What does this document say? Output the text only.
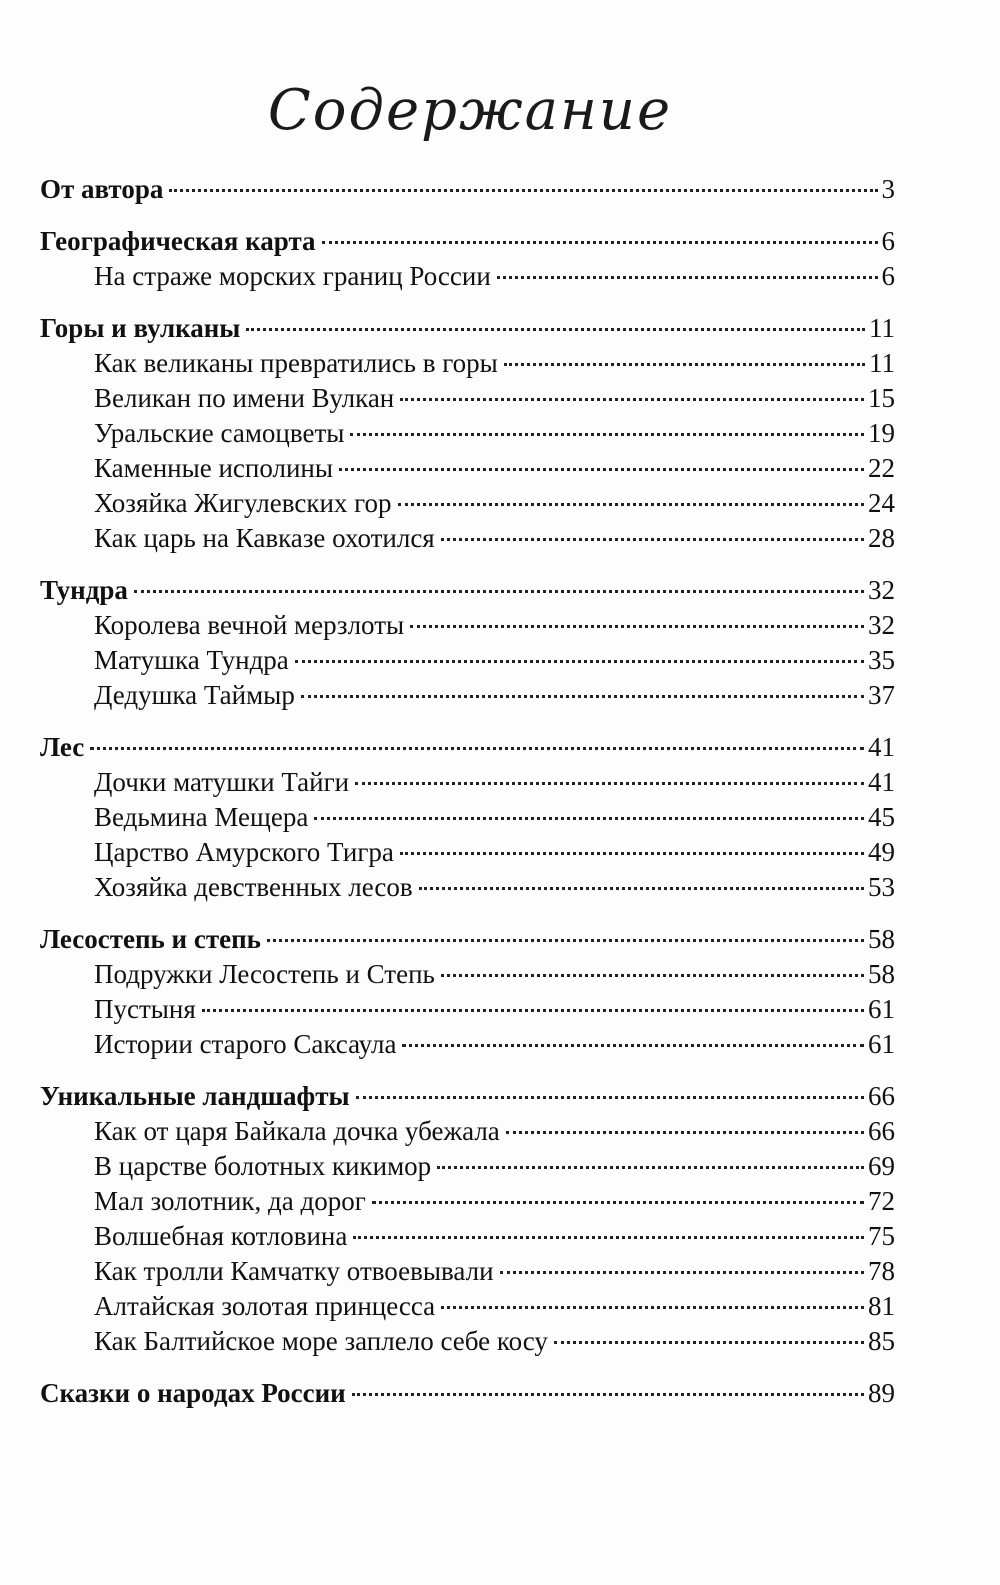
Содержание
От автора	3
Географическая карта	6
На страже морских границ России	6
Горы и вулканы	11
Как великаны превратились в горы	11
Великан по имени Вулкан	15
Уральские самоцветы	19
Каменные исполины	22
Хозяйка Жигулевских гор	24
Как царь на Кавказе охотился	28
Тундра	32
Королева вечной мерзлоты	32
Матушка Тундра	35
Дедушка Таймыр	37
Лес	41
Дочки матушки Тайги	41
Ведьмина Мещера	45
Царство Амурского Тигра	49
Хозяйка девственных лесов	53
Лесостепь и степь	58
Подружки Лесостепь и Степь	58
Пустыня	61
Истории старого Саксаула	61
Уникальные ландшафты	66
Как от царя Байкала дочка убежала	66
В царстве болотных кикимор	69
Мал золотник, да дорог	72
Волшебная котловина	75
Как тролли Камчатку отвоевывали	78
Алтайская золотая принцесса	81
Как Балтийское море заплело себе косу	85
Сказки о народах России	89
